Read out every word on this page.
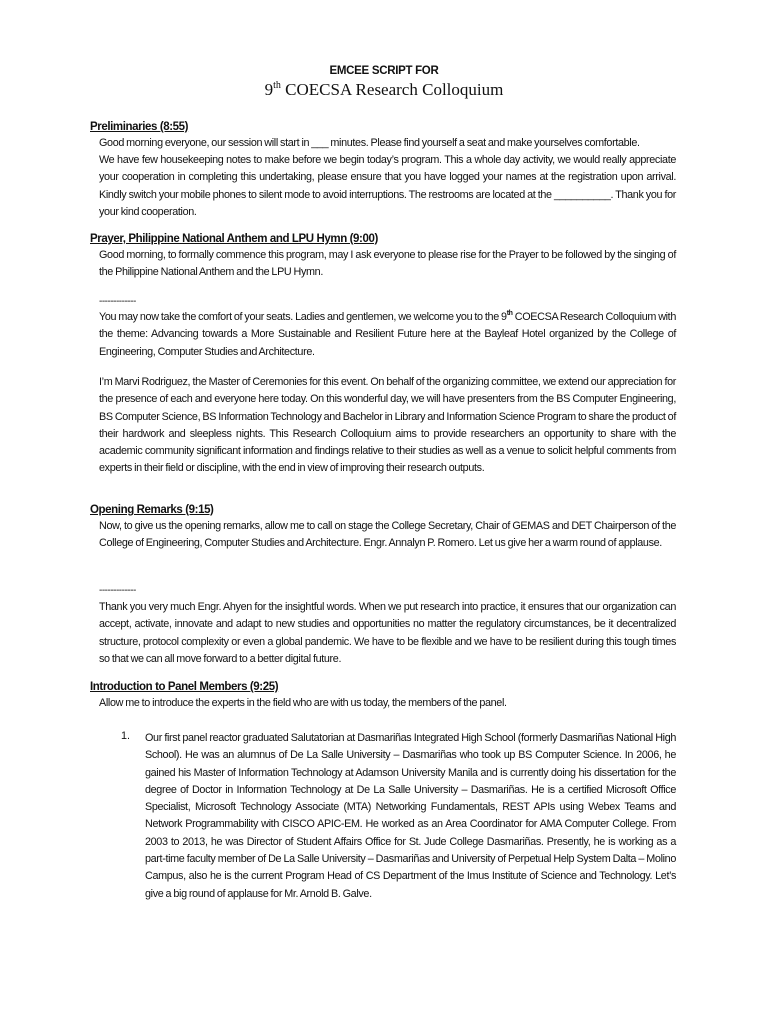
EMCEE SCRIPT FOR
9th COECSA Research Colloquium
Preliminaries (8:55)
Good morning everyone, our session will start in ___ minutes. Please find yourself a seat and make yourselves comfortable.
We have few housekeeping notes to make before we begin today’s program. This a whole day activity, we would really appreciate your cooperation in completing this undertaking, please ensure that you have logged your names at the registration upon arrival. Kindly switch your mobile phones to silent mode to avoid interruptions. The restrooms are located at the __________. Thank you for your kind cooperation.
Prayer, Philippine National Anthem and LPU Hymn (9:00)
Good morning, to formally commence this program, may I ask everyone to please rise for the Prayer to be followed by the singing of the Philippine National Anthem and the LPU Hymn.
-------------
You may now take the comfort of your seats. Ladies and gentlemen, we welcome you to the 9th COECSA Research Colloquium with the theme: Advancing towards a More Sustainable and Resilient Future here at the Bayleaf Hotel organized by the College of Engineering, Computer Studies and Architecture.
I’m Marvi Rodriguez, the Master of Ceremonies for this event. On behalf of the organizing committee, we extend our appreciation for the presence of each and everyone here today. On this wonderful day, we will have presenters from the BS Computer Engineering, BS Computer Science, BS Information Technology and Bachelor in Library and Information Science Program to share the product of their hardwork and sleepless nights. This Research Colloquium aims to provide researchers an opportunity to share with the academic community significant information and findings relative to their studies as well as a venue to solicit helpful comments from experts in their field or discipline, with the end in view of improving their research outputs.
Opening Remarks (9:15)
Now, to give us the opening remarks, allow me to call on stage the College Secretary, Chair of GEMAS and DET Chairperson of the College of Engineering, Computer Studies and Architecture. Engr. Annalyn P. Romero. Let us give her a warm round of applause.
-------------
Thank you very much Engr. Ahyen for the insightful words. When we put research into practice, it ensures that our organization can accept, activate, innovate and adapt to new studies and opportunities no matter the regulatory circumstances, be it decentralized structure, protocol complexity or even a global pandemic. We have to be flexible and we have to be resilient during this tough times so that we can all move forward to a better digital future.
Introduction to Panel Members (9:25)
Allow me to introduce the experts in the field who are with us today, the members of the panel.
1. Our first panel reactor graduated Salutatorian at Dasmariñas Integrated High School (formerly Dasmariñas National High School). He was an alumnus of De La Salle University – Dasmariñas who took up BS Computer Science. In 2006, he gained his Master of Information Technology at Adamson University Manila and is currently doing his dissertation for the degree of Doctor in Information Technology at De La Salle University – Dasmariñas. He is a certified Microsoft Office Specialist, Microsoft Technology Associate (MTA) Networking Fundamentals, REST APIs using Webex Teams and Network Programmability with CISCO APIC-EM. He worked as an Area Coordinator for AMA Computer College. From 2003 to 2013, he was Director of Student Affairs Office for St. Jude College Dasmariñas. Presently, he is working as a part-time faculty member of De La Salle University – Dasmariñas and University of Perpetual Help System Dalta – Molino Campus, also he is the current Program Head of CS Department of the Imus Institute of Science and Technology. Let’s give a big round of applause for Mr. Arnold B. Galve.
